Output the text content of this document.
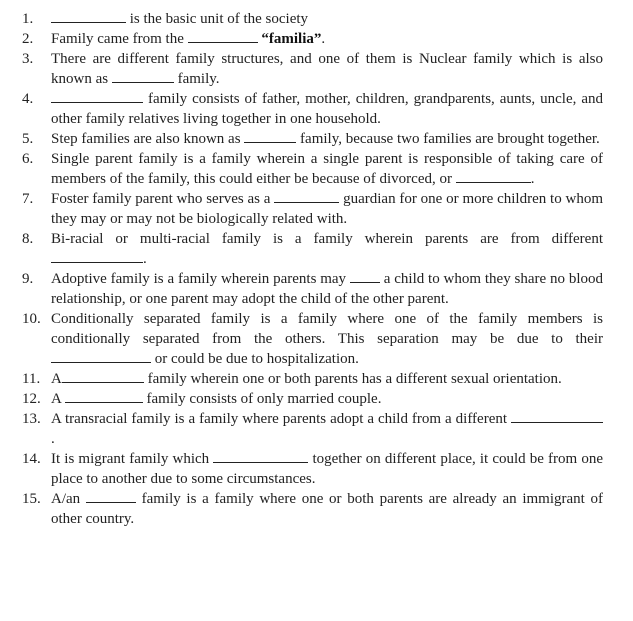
1.	is the basic unit of the society
2. Family came from the	“familia”.
3. There are different family structures, and one of them is Nuclear family which is also known as	family.
4.	family consists of father, mother, children, grandparents, aunts, uncle, and other family relatives living together in one household.
5. Step families are also known as	family, because two families are brought together.
6. Single parent family is a family wherein a single parent is responsible of taking care of members of the family, this could either be because of divorced, or	.
7. Foster family parent who serves as a	guardian for one or more children to whom they may or may not be biologically related with.
8. Bi-racial or multi-racial family is a family wherein parents are from different .
9. Adoptive family is a family wherein parents may	a child to whom they share no blood relationship, or one parent may adopt the child of the other parent.
10. Conditionally separated family is a family where one of the family members is conditionally separated from the others. This separation may be due to their  or could be due to hospitalization.
11. A	family wherein one or both parents has a different sexual orientation.
12. A	family consists of only married couple.
13. A transracial family is a family where parents adopt a child from a different .
14. It is migrant family which	together on different place, it could be from one place to another due to some circumstances.
15. A/an	family is a family where one or both parents are already an immigrant of other country.
